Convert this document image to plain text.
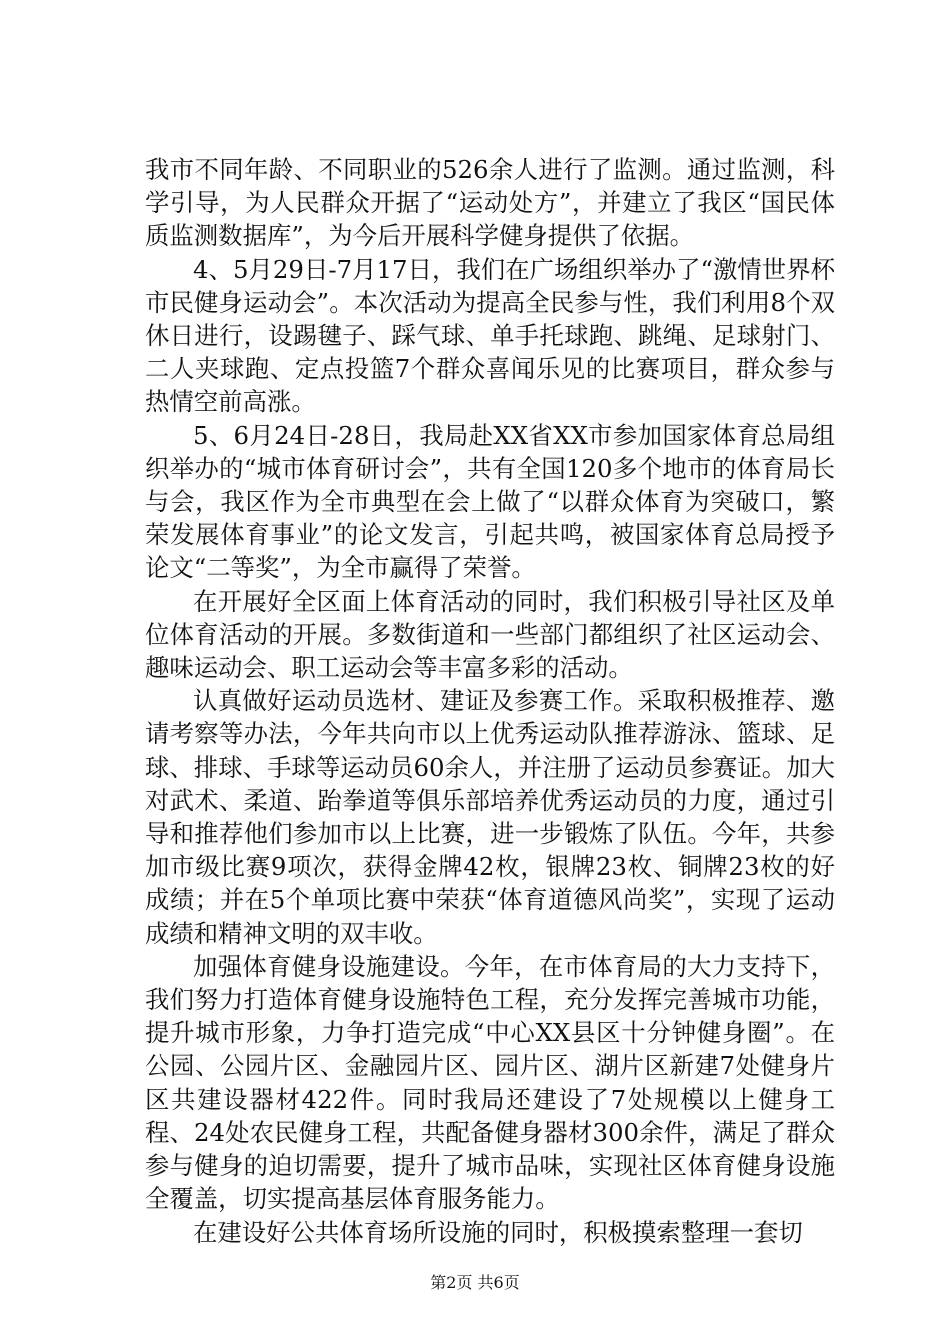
我市不同年龄、不同职业的526余人进行了监测。通过监测，科学引导，为人民群众开据了“运动处方”，并建立了我区“国民体质监测数据库”，为今后开展科学健身提供了依据。

4、5月29日-7月17日，我们在广场组织举办了“激情世界杯市民健身运动会”。本次活动为提高全民参与性，我们利用8个双休日进行，设踢毽子、踩气球、单手托球跑、跳绳、足球射门、二人夹球跑、定点投篮7个群众喜闻乐见的比赛项目，群众参与热情空前高涨。

5、6月24日-28日，我局赴XX省XX市参加国家体育总局组织举办的“城市体育研讨会”，共有全国120多个地市的体育局长与会，我区作为全市典型在会上做了“以群众体育为突破口，繁荣发展体育事业”的论文发言，引起共鸣，被国家体育总局授予论文“二等奖”，为全市赢得了荣誉。

在开展好全区面上体育活动的同时，我们积极引导社区及单位体育活动的开展。多数街道和一些部门都组织了社区运动会、趣味运动会、职工运动会等丰富多彩的活动。

认真做好运动员选材、建证及参赛工作。采取积极推荐、邀请考察等办法，今年共向市以上优秀运动队推荐游泳、篮球、足球、排球、手球等运动员60余人，并注册了运动员参赛证。加大对武术、柔道、跆拳道等俱乐部培养优秀运动员的力度，通过引导和推荐他们参加市以上比赛，进一步锻炼了队伍。今年，共参加市级比赛9项次，获得金牌42枚，银牌23枚、铜牌23枚的好成绩；并在5个单项比赛中荣获“体育道德风尚奖”，实现了运动成绩和精神文明的双丰收。

加强体育健身设施建设。今年，在市体育局的大力支持下，我们努力打造体育健身设施特色工程，充分发挥完善城市功能，提升城市形象，力争打造完成“中心XX县区十分钟健身圈”。在公园、公园片区、金融园片区、园片区、湖片区新建7处健身片区共建设器材422件。同时我局还建设了7处规模以上健身工程、24处农民健身工程，共配备健身器材300余件，满足了群众参与健身的迫切需要，提升了城市品味，实现社区体育健身设施全覆盖，切实提高基层体育服务能力。

在建设好公共体育场所设施的同时，积极摸索整理一套切

第2页 共6页
